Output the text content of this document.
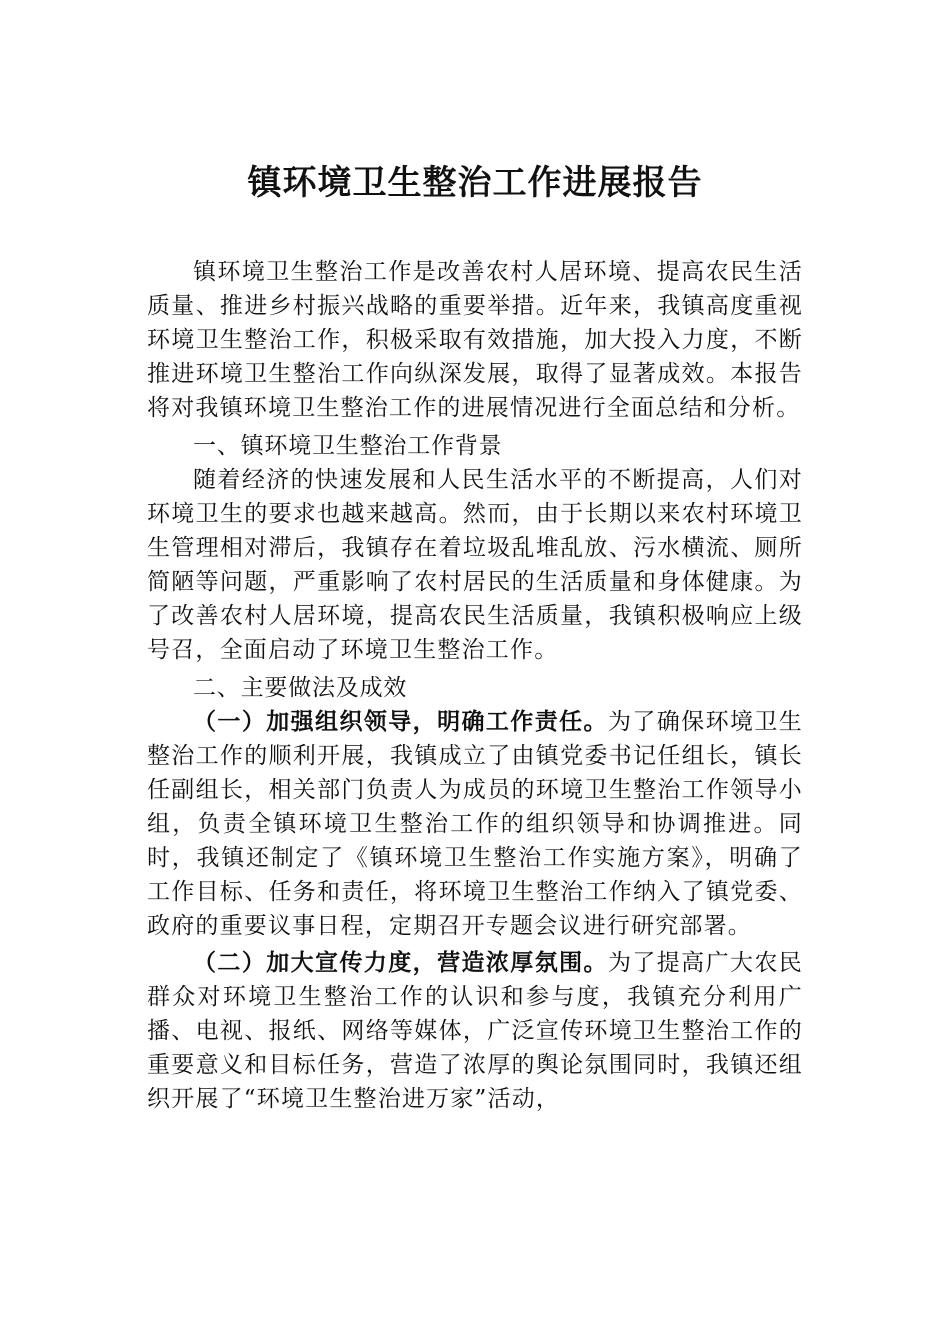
镇环境卫生整治工作进展报告

镇环境卫生整治工作是改善农村人居环境、提高农民生活质量、推进乡村振兴战略的重要举措。近年来，我镇高度重视环境卫生整治工作，积极采取有效措施，加大投入力度，不断推进环境卫生整治工作向纵深发展，取得了显著成效。本报告将对我镇环境卫生整治工作的进展情况进行全面总结和分析。

一、镇环境卫生整治工作背景

随着经济的快速发展和人民生活水平的不断提高，人们对环境卫生的要求也越来越高。然而，由于长期以来农村环境卫生管理相对滞后，我镇存在着垃圾乱堆乱放、污水横流、厕所简陋等问题，严重影响了农村居民的生活质量和身体健康。为了改善农村人居环境，提高农民生活质量，我镇积极响应上级号召，全面启动了环境卫生整治工作。

二、主要做法及成效

（一）加强组织领导，明确工作责任。为了确保环境卫生整治工作的顺利开展，我镇成立了由镇党委书记任组长，镇长任副组长，相关部门负责人为成员的环境卫生整治工作领导小组，负责全镇环境卫生整治工作的组织领导和协调推进。同时，我镇还制定了《镇环境卫生整治工作实施方案》，明确了工作目标、任务和责任，将环境卫生整治工作纳入了镇党委、政府的重要议事日程，定期召开专题会议进行研究部署。

（二）加大宣传力度，营造浓厚氛围。为了提高广大农民群众对环境卫生整治工作的认识和参与度，我镇充分利用广播、电视、报纸、网络等媒体，广泛宣传环境卫生整治工作的重要意义和目标任务，营造了浓厚的舆论氛围同时，我镇还组织开展了“环境卫生整治进万家”活动，
